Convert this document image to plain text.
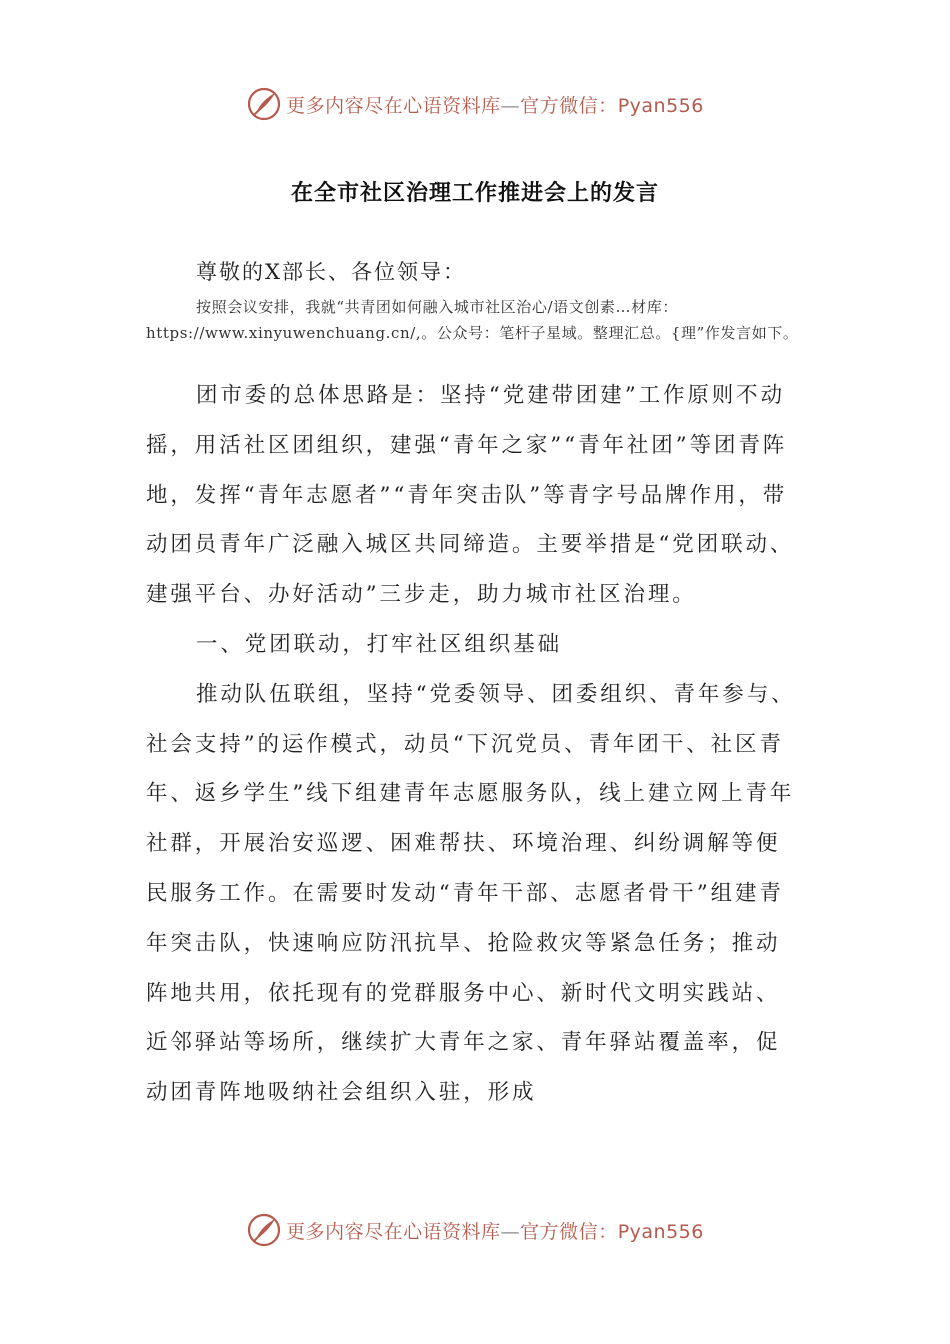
更多内容尽在心语资料库—官方微信：Pyan556
在全市社区治理工作推进会上的发言
尊敬的X部长、各位领导：
按照会议安排，我就“共青团如何融入城市社区治心/语文创素…材库：https://www.xinyuwenchuang.cn/,。公众号：笔杆子星域。整理汇总。{理”作发言如下。

团市委的总体思路是：坚持“党建带团建”工作原则不动摇，用活社区团组织，建强“青年之家”“青年社团”等团青阵地，发挥“青年志愿者”“青年突击队”等青字号品牌作用，带动团员青年广泛融入城区共同缔造。主要举措是“党团联动、建强平台、办好活动”三步走，助力城市社区治理。

一、党团联动，打牢社区组织基础

推动队伍联组，坚持“党委领导、团委组织、青年参与、社会支持”的运作模式，动员“下沉党员、青年团干、社区青年、返乡学生”线下组建青年志愿服务队，线上建立网上青年社群，开展治安巡逻、困难帮扶、环境治理、纠纷调解等便民服务工作。在需要时发动“青年干部、志愿者骨干”组建青年突击队，快速响应防汛抗旱、抢险救灾等紧急任务；推动阵地共用，依托现有的党群服务中心、新时代文明实践站、近邻驿站等场所，继续扩大青年之家、青年驿站覆盖率，促动团青阵地吸纳社会组织入驻，形成

更多内容尽在心语资料库—官方微信：Pyan556
